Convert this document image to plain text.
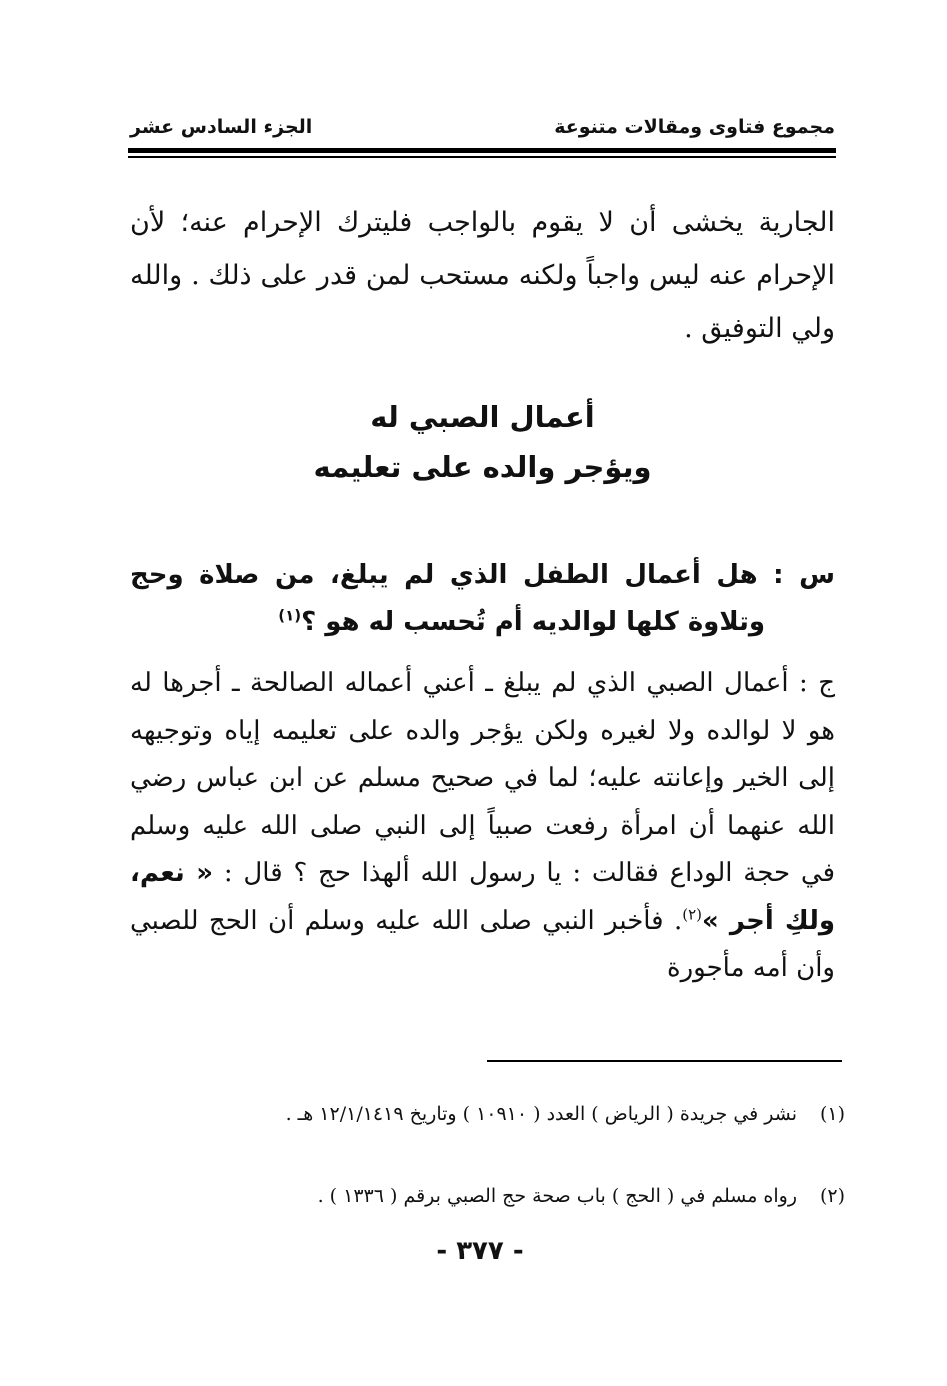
مجموع فتاوى ومقالات متنوعة
الجزء السادس عشر

الجارية يخشى أن لا يقوم بالواجب فليترك الإحرام عنه؛ لأن الإحرام عنه ليس واجباً ولكنه مستحب لمن قدر على ذلك . والله ولي التوفيق .

أعمال الصبي له
ويؤجر والده على تعليمه

س : هل أعمال الطفل الذي لم يبلغ، من صلاة وحج وتلاوة كلها لوالديه أم تُحسب له هو ؟$^{(١)}$

ج : أعمال الصبي الذي لم يبلغ ـ أعني أعماله الصالحة ـ أجرها له هو لا لوالده ولا لغيره ولكن يؤجر والده على تعليمه إياه وتوجيهه إلى الخير وإعانته عليه؛ لما في صحيح مسلم عن ابن عباس رضي الله عنهما أن امرأة رفعت صبياً إلى النبي صلى الله عليه وسلم في حجة الوداع فقالت : يا رسول الله ألهذا حج ؟ قال : « نعم، ولكِ أجر »$^{(٢)}$. فأخبر النبي صلى الله عليه وسلم أن الحج للصبي وأن أمه مأجورة

(١)
نشر في جريدة ( الرياض ) العدد ( ١٠٩١٠ ) وتاريخ ١٢/١/١٤١٩ هـ .
(٢)
رواه مسلم في ( الحج ) باب صحة حج الصبي برقم ( ١٣٣٦ ) .
- ٣٧٧ -
